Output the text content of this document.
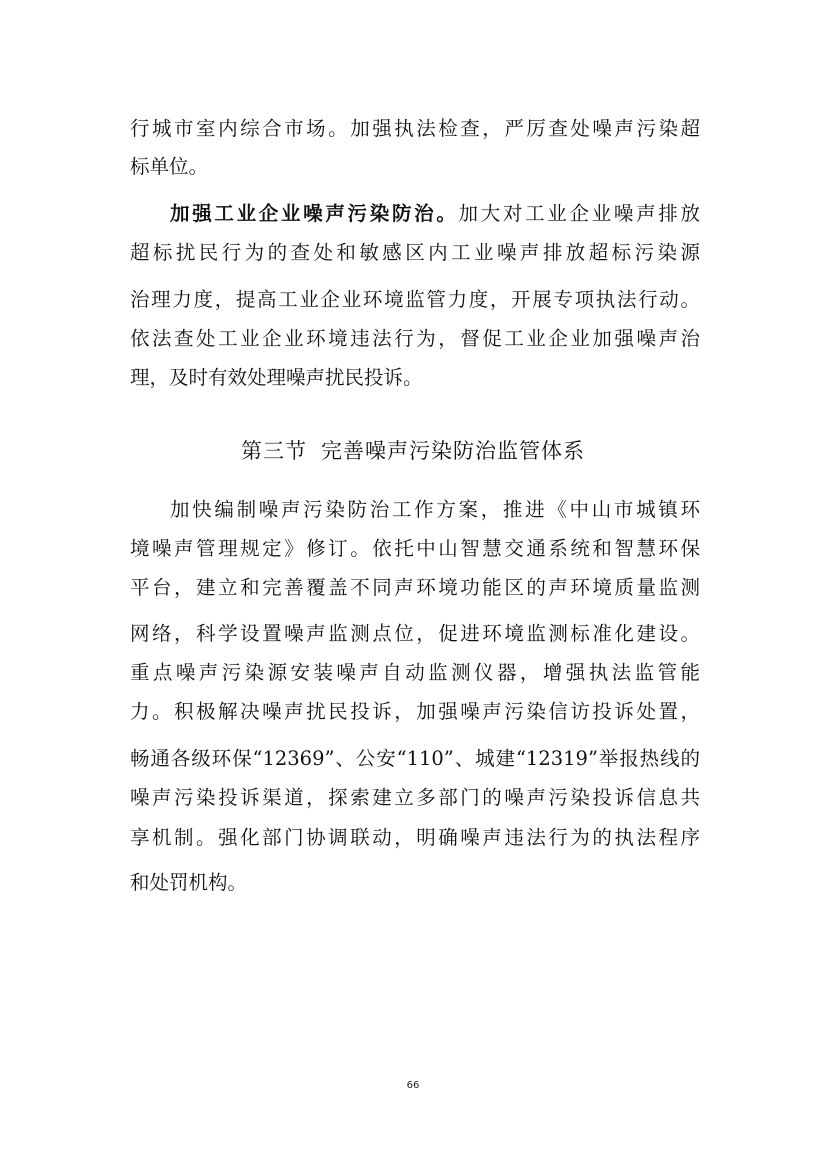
行城市室内综合市场。加强执法检查，严厉查处噪声污染超
标单位。
加强工业企业噪声污染防治。加大对工业企业噪声排放
超标扰民行为的查处和敏感区内工业噪声排放超标污染源
治理力度，提高工业企业环境监管力度，开展专项执法行动。
依法查处工业企业环境违法行为，督促工业企业加强噪声治
理，及时有效处理噪声扰民投诉。
第三节 完善噪声污染防治监管体系
加快编制噪声污染防治工作方案，推进《中山市城镇环
境噪声管理规定》修订。依托中山智慧交通系统和智慧环保
平台，建立和完善覆盖不同声环境功能区的声环境质量监测
网络，科学设置噪声监测点位，促进环境监测标准化建设。
重点噪声污染源安装噪声自动监测仪器，增强执法监管能
力。积极解决噪声扰民投诉，加强噪声污染信访投诉处置，
畅通各级环保“12369”、公安“110”、城建“12319”举报热线的
噪声污染投诉渠道，探索建立多部门的噪声污染投诉信息共
享机制。强化部门协调联动，明确噪声违法行为的执法程序
和处罚机构。
66
